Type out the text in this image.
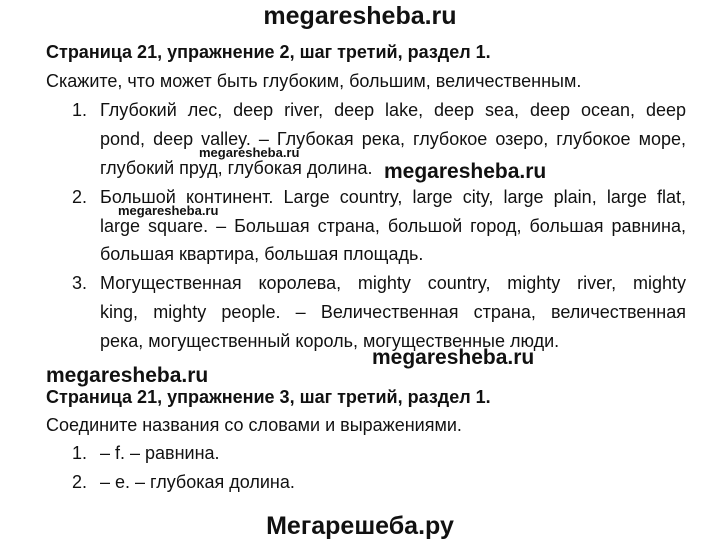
megaresheba.ru
Страница 21, упражнение 2, шаг третий, раздел 1.
Скажите, что может быть глубоким, большим, величественным.
1. Глубокий лес, deep river, deep lake, deep sea, deep ocean, deep
pond, deep valley. – Глубокая река, глубокое озеро, глубокое море,
глубокий пруд, глубокая долина.
2. Большой континент. Large country, large city, large plain, large flat,
large square. – Большая страна, большой город, большая равнина,
большая квартира, большая площадь.
3. Могущественная королева, mighty country, mighty river, mighty
king, mighty people. – Величественная страна, величественная
река, могущественный король, могущественные люди.
Страница 21, упражнение 3, шаг третий, раздел 1.
Соедините названия со словами и выражениями.
1. – f. – равнина.
2. – e. – глубокая долина.
megaresheba.ru
megaresheba.ru
megaresheba.ru
megaresheba.ru
megaresheba.ru
Мегарешеба.ру
